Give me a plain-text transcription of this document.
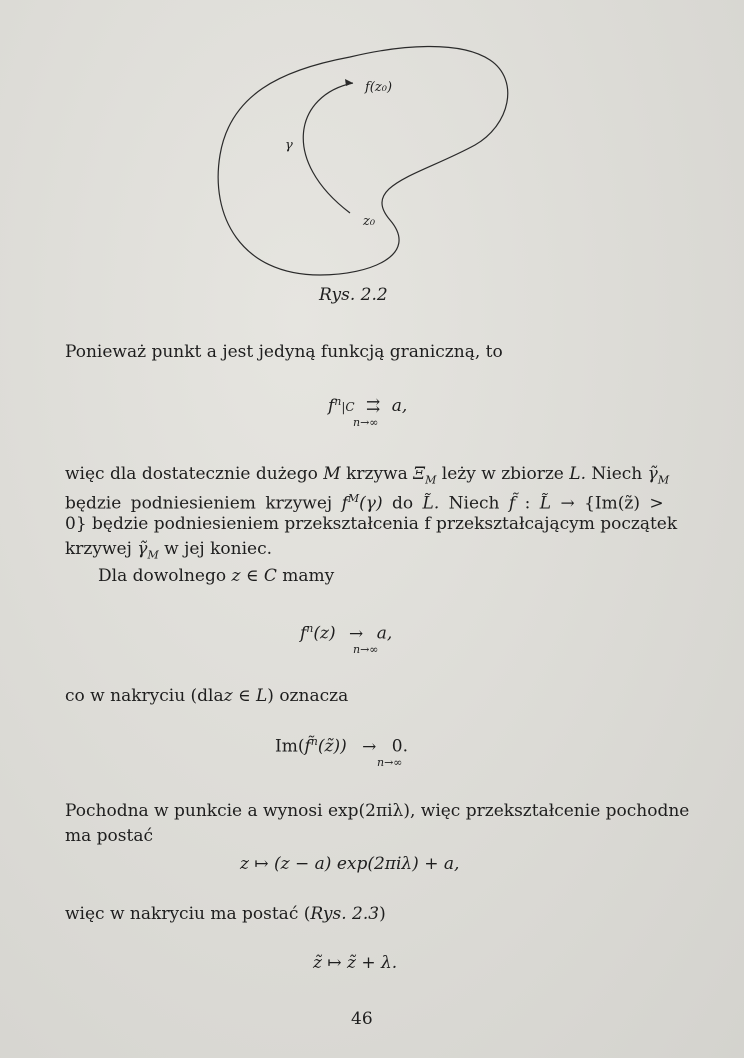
f(z₀)
γ
z₀
Rys. 2.2
Ponieważ punkt a jest jedyną funkcją graniczną, to
$f^n|C$ ⇉ a,
n→∞
więc dla dostatecznie dużego M krzywa $\Xi_M$ leży w zbiorze L. Niech $\gammã_M$
będzie podniesieniem krzywej $f^M(\gamma)$ do L̃. Niech f̃ : L̃ → {Im(z̃) >
0} będzie podniesieniem przekształcenia f przekształcającym początek
krzywej $\gammã_M$ w jej koniec.
Dla dowolnego z ∈ C mamy
$f^n(z) \to a$,
n→∞
co w nakryciu (dlaz ∈ L) oznacza
Im(f̃$^n$(z̃)) → 0.
n→∞
Pochodna w punkcie a wynosi exp(2πiλ), więc przekształcenie pochodne
ma postać
z ↦ (z − a) exp(2πiλ) + a,
więc w nakryciu ma postać (Rys. 2.3)
z̃ ↦ z̃ + λ.
46
